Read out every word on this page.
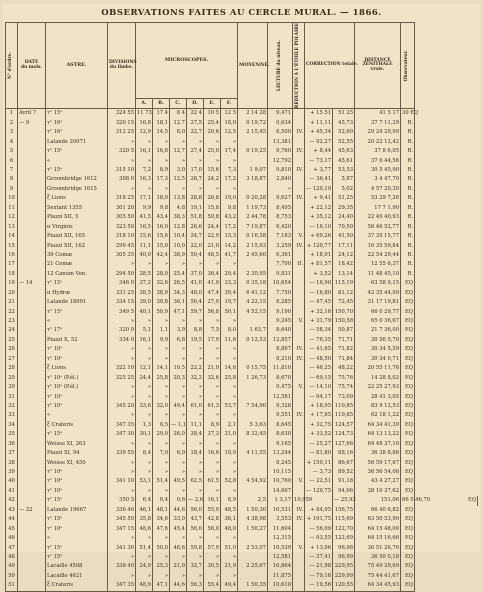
OBSERVATIONS FAITES AU CERCLE MURAL. — 1866.
N° d'ordre.	DATE
du mois.	ASTRE.	DIVISIONS
du limbe.	MICROSCOPES.						MOYENNE.	LECTURE du niveau.	RÉDUCTION À L'ÉTOILE POLAIRE	CORRECTION totale.		DISTANCE
ZÉNITHALE
vraie.	Observateur.	

				A.	B.	C.	D.	E.	F.								
1	Avril 7	τ¹ 15ᵉ	324 55	11 73	17 4	8 4	22 4	10 5	12 5	2 14 28	9,471		+ 15 51	51 25	41 5 17	30 EQ	
2	— 9	τ¹ 16ᵉ	320 15	16,8	18,1	12,7	27,5	25,4	18,0	0 19,72	0,634		+ 11,11	45,73	37 7 11,29	R.	
3		τ¹ 16ᵉ	312 25	12,9	14,5	8,0	22,7	20,6	12,5	2 15,45	8,500	IV.	+ 45,34	52,60	29 24 29,99	R.	
4		Lalande 20071	»	»	»	»	»	»	»		13,381		— 92,27	52,55	20 22 12,42	R.	
5		τ¹ 15ᵉ	320 5	16,1	16,8	12,7	27,4	25,0	17,4	0 19,25	9,760	IV.	+ 8,44	45,63	37 8 6,05	R.	
6		«	»	»	»	»	»	»	»		12,792		— 73,17	45,61	37 6 44,56	R.	
7		τ¹ 15ᵉ	315 10	7,2	8,9	3,0	17,0	15,6	7,3	1 9,07	9,810	IV.	+ 3,77	53,53	30 5 45,90	R.	
8		Groombridge 1612	308 0	16,3	17,3	12,5	28,7	24,2	17,2	3 18,87	2,840		— 36,41	5,87	3 4 47,70	R.	
9		Groombridge 1615	»	»	»	»	»	»	»		»		— 120,19	5,02	4 57 20,30	R.	
10		ξ Lions	318 25	17,1	18,9	13,8	28,8	26,8	19,0	0 20,28	9,627	IV.	+ 9,41	51,25	53 29 7,26	R.	
11		Sextant 1355	301 20	9,9	9,8	4,8	19,1	15,6	9,8	1 19,73	8,495		+ 22,12	29,35	17 7 1,90	R.	
12		Piazzi XII, 5	305 50	41,5	43,4	38,3	51,8	50,8	43,2	2 44,78	8,753		+ 35,12	24,40	22 49 40,93	R.	
13		α Virginis	323 50	16,5	16,0	12,8	26,6	24,4	17,2	7 19,87	6,420		— 16,10	70,50	56 46 52,77	R.	
14		Piazzi XII, 165	318 10	15,6	15,6	10,4	24,7	22,9	15,3	0 16,58	7,183	V.	+ 69,26	41,50	37 35 15,77	R.	
15		Piazzi XII, 162	299 45	11,1	15,0	10,0	22,0	21,0	14,2	2 15,03	3,259	IV.	+ 120,77	17,11	16 35 59,84	R.	
16		39 Comæ	305 35	40,0	42,4	38,9	50,4	48,5	41,7	2 45,60	6,361		+ 18,01	24,12	22 54 29,44	R.	
17		21 Comæ	»	»	»	»	»	»	»		7,700	II.	+ 81,57	18,42	12 55 6,37	R.	
18		12 Canum Ven.	294 50	28,5	28,0	25,4	37,0	36,4	29,4	2 30,95	9,831		+ 3,52	13,14	11 48 45,10	R.	
19	— 14	τ¹ 15ᵉ	346 0	37,2	32,6	26,5	41,0	41,9	33,3	0 35,18	10,654		— 16,90	115,19	63 58 9,15	EQ	
20		α Hydræ	331 25	38,5	38,9	34,3	48,0	47,4	39,4	6 41,12	7,750		— 16,80	81,12	42 35 44,99	EQ	
21		Lalande 18991	334 15	39,0	39,8	36,1	50,4	27,9	19,7	4 22,15	8,285		— 47,45	72,45	31 17 19,81	EQ	
22		τ¹ 15ᵉ	349 5	40,1	50,9	47,1	59,7	56,8	50,1	4 52,15	9,190		+ 32,16	150,70	66 0 29,77	EQ	
23		«	»	»	»	»	»	»	»		9,245	V.	+ 31,79	150,58	65 0 36,67	EQ	
24		τ¹ 17ᵉ	320 0	5,1	1,1	3,9	8,8	7,5	8,0	1 63,7	8,640		— 58,34	50,87	21 7 36,00	EQ	
25		Piazzi X, 52	334 0	16,1	9,9	6,8	19,5	17,9	11,6	0 12,53	12,857		— 76,35	71,71	30 56 5,70	EQ	
26		τ¹ 10ᵉ	»	»	»	»	»	»	»		8,807	IV.	— 41,65	71,82	30 34 5,59	EQ	
27		τ¹ 10ᵉ	»	»	»	»	»	»	»		8,210	IV.	— 48,50	71,84	30 34 0,71	EQ	
28		ξ Lions	322 10	12,1	14,1	10,5	22,2	21,0	14,6	0 15,75	11,810		— 46,25	48,22	20 55 11,76	EQ	
29		τ¹ 10ᵉ (P.él.)	325 25	24,4	25,8	20,3	32,2	32,6	25,8	1 26,73	8,670		— 69,15	75,76	14 28 8,02	EQ	
30		τ¹ 10ᵉ (P.él.)	»	»	»	»	»	»	»		9,475	V.	— 14,10	75,74	22 25 27,93	EQ	
31		τ¹ 10ᵉ	»	»	»	»	»	»	»		12,581		— 94,17	73,09	28 41 3,05	EQ	
32		τ¹ 10ᵉ	345 20	33,6	32,0	49,4	61,0	61,3	53,7	7 54,90	9,328		+ 18,95	110,85	83 9 12,53	EQ	
33		«	»	»	»	»	»	»	»		9,551	IV.	+ 17,65	110,85	62 18 1,22	EQ	
34		ξ Crateris	347 35	1,3	0,5	— 1,1	11,1	8,9	2,1	5 3,63	8,645		+ 32,75	124,57	64 34 41,39	EQ	
35		τ¹ 15ᵉ	347 30	30,1	29,0	26,0	38,4	37,3	31,0	8 32,45	8,630		+ 33,52	124,73	64 13 13,22	EQ	
36		Weisse XI, 263	»	»	»	»	»	»	»		9,165		— 25,27	127,66	64 48 37,10	EQ	
37		Piazzi XI, 94	339 55	8,4	7,0	6,0	18,4	16,6	10,9	4 11,55	13,244		— 81,80	88,16	36 38 8,86	EQ	
38		Weisse XI, 450	»	»	»	»	»	»	»		8,245		+ 150,11	86,67	56 59 17,67	EQ	
39		τ¹ 10ᵉ	»	»	»	»	»	»	»		10,115		— 3,73	89,52	36 56 54,06	EQ	
40		τ¹ 10ᵉ	341 10	53,1	51,4	49,5	62,5	61,5	52,8	4 54,92	10,760	V.	— 22,51	91,18	43 4 27,27	EQ	
41		τ¹ 10ᵉ	»	»	»	»	»	»	»		14,607		— 129,75	94,06	38 10 37,62	EQ	
42		τ¹ 15ᵉ	350 5	6,4	0,4	0,6	— 2,6	16,1	8,9	2,5	1 3,17	10,959		— 25,93	151,06	66 5 46,70	EQ
43	— 22	Lalande 19667	336 40	46,1	48,1	44,6	56,0	55,9	48,5	1 50,30	10,531	IV.	+ 84,95	156,75	66 40 6,82	EQ	
44		τ¹ 15ᵉ	345 50	35,8	34,6	33,0	43,7	42,8	36,1	4 38,98	3,553	IV.	+ 191,75	115,69	63 50 53,90	EQ	
45		τ¹ 10ᵉ	347 15	48,6	47,6	45,4	56,0	56,0	48,0	1 50,27	11,604		— 56,09	122,70	64 15 48,00	EQ	
46		«	»	»	»	»	»	»	»		12,315		— 93,55	122,69	64 15 16,66	EQ	
47		τ¹ 15ᵉ	341 30	51,4	50,0	48,6	59,8	57,9	51,0	2 53,07	10,539	V.	+ 13,06	96,98	36 51 26,76	EQ	
48		τ¹ 15ᵉ	»	»	»	»	»	»	»		12,581		— 37,41	96,99	36 50 0,18	EQ	
49		Lacaille 4508	338 40	24,9	25,3	21,0	32,7	30,5	21,9	2 25,67	10,864		— 21,98	229,95	75 49 29,69	EQ	
50		Lacaille 4621	»	»	»	»	»	»	»		11,875		— 79,16	229,99	75 44 41,67	EQ	
51		ξ Crateris	347 35	48,9	47,1	44,6	56,3	55,4	49,4	1 50,35	10,610		— 19,56	120,55	64 34 45,93	EQ	
